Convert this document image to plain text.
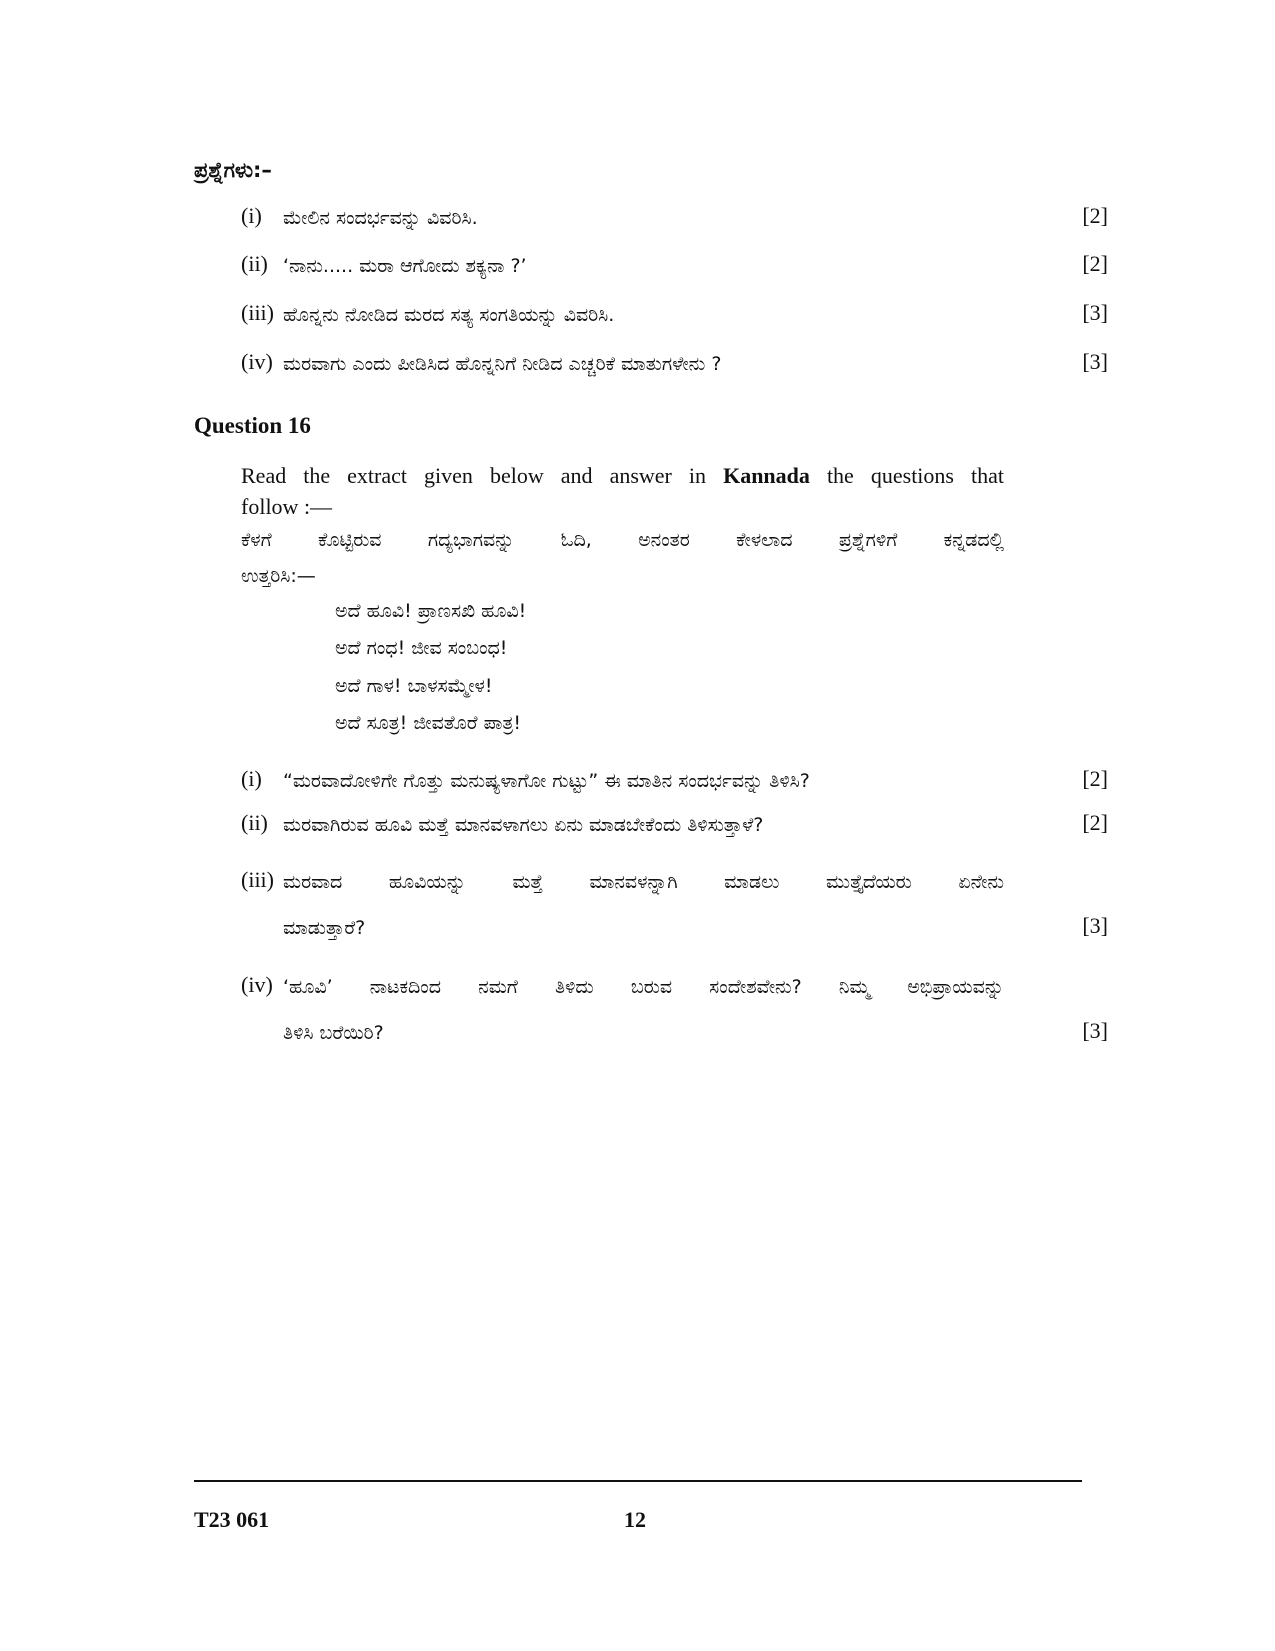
ಪ್ರಶ್ನೆಗಳು:–
(i) ಮೇಲಿನ ಸಂದರ್ಭವನ್ನು ವಿವರಿಸಿ.	[2]
(ii) ‘ನಾನು..... ಮರಾ ಆಗೋದು ಶಕ್ಯನಾ ?’	[2]
(iii) ಹೊನ್ನನು ನೋಡಿದ ಮರದ ಸತ್ಯ ಸಂಗತಿಯನ್ನು ವಿವರಿಸಿ.	[3]
(iv) ಮರವಾಗು ಎಂದು ಪೀಡಿಸಿದ ಹೊನ್ನನಿಗೆ ನೀಡಿದ ಎಚ್ಚರಿಕೆ ಮಾತುಗಳೇನು ?	[3]
Question 16
Read the extract given below and answer in Kannada the questions that
follow :—
ಕೆಳಗೆ ಕೊಟ್ಟಿರುವ ಗದ್ಯಭಾಗವನ್ನು ಓದಿ, ಅನಂತರ ಕೇಳಲಾದ ಪ್ರಶ್ನೆಗಳಿಗೆ ಕನ್ನಡದಲ್ಲಿ
ಉತ್ತರಿಸಿ:—
ಅದೆ ಹೂವಿ! ಪ್ರಾಣಸಖಿ ಹೂವಿ!
ಅದೆ ಗಂಧ! ಜೀವ ಸಂಬಂಧ!
ಅದೆ ಗಾಳ! ಬಾಳಸಮ್ಮೇಳ!
ಅದೆ ಸೂತ್ರ! ಜೀವತೊರೆ ಪಾತ್ರ!
(i) “ಮರವಾದೋಳಿಗೇ ಗೊತ್ತು ಮನುಷ್ಯಳಾಗೋ ಗುಟ್ಟು” ಈ ಮಾತಿನ ಸಂದರ್ಭವನ್ನು ತಿಳಿಸಿ?	[2]
(ii) ಮರವಾಗಿರುವ ಹೂವಿ ಮತ್ತೆ ಮಾನವಳಾಗಲು ಏನು ಮಾಡಬೇಕೆಂದು ತಿಳಿಸುತ್ತಾಳೆ?	[2]
(iii) ಮರವಾದ ಹೂವಿಯನ್ನು ಮತ್ತೆ ಮಾನವಳನ್ನಾಗಿ ಮಾಡಲು ಮುತ್ತೈದೆಯರು ಏನೇನು
ಮಾಡುತ್ತಾರೆ?	[3]
(iv) ‘ಹೂವಿ’ ನಾಟಕದಿಂದ ನಮಗೆ ತಿಳಿದು ಬರುವ ಸಂದೇಶವೇನು? ನಿಮ್ಮ ಅಭಿಪ್ರಾಯವನ್ನು
ತಿಳಿಸಿ ಬರೆಯಿರಿ?	[3]
T23 061	12
